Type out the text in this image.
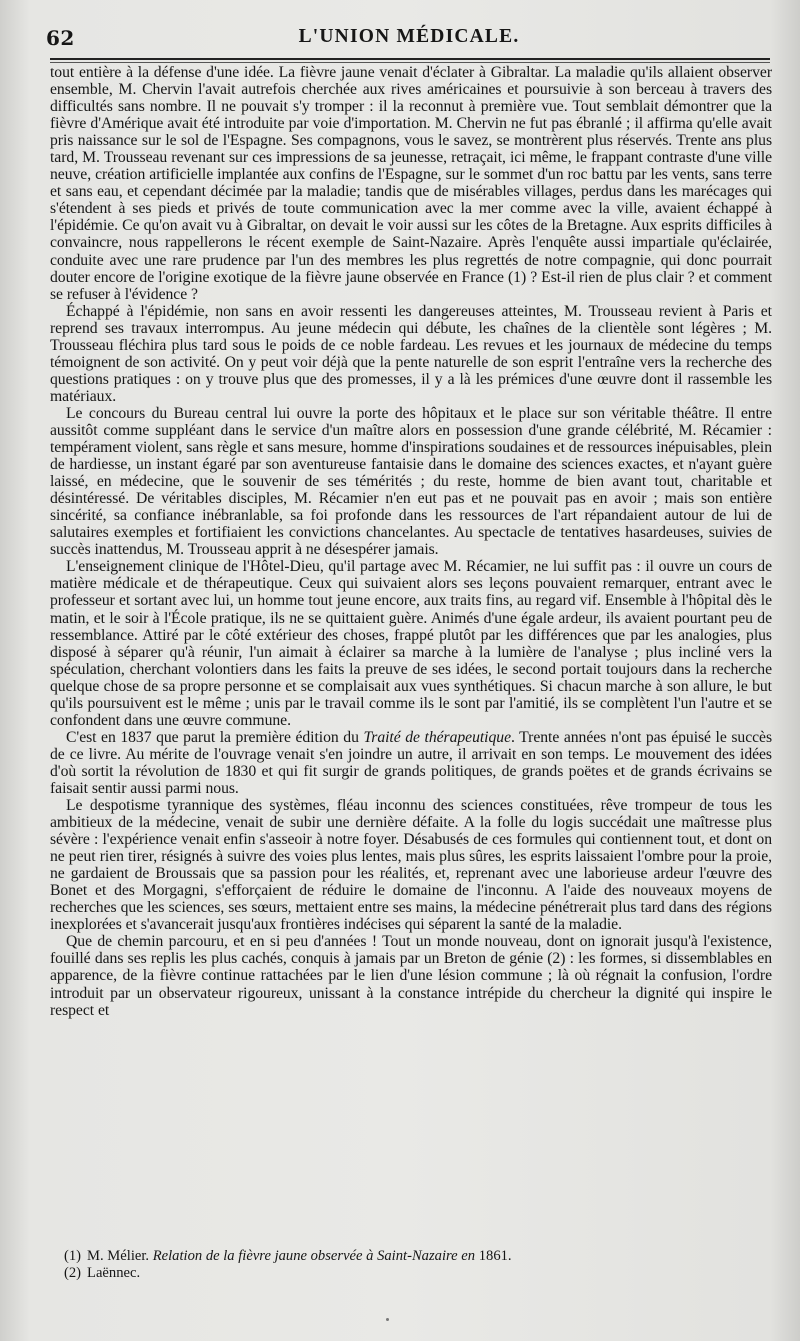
62	L'UNION MÉDICALE.

tout entière à la défense d'une idée. La fièvre jaune venait d'éclater à Gibraltar. La maladie qu'ils allaient observer ensemble, M. Chervin l'avait autrefois cherchée aux rives américaines et poursuivie à son berceau à travers des difficultés sans nombre. Il ne pouvait s'y tromper : il la reconnut à première vue. Tout semblait démontrer que la fièvre d'Amérique avait été introduite par voie d'importation. M. Chervin ne fut pas ébranlé ; il affirma qu'elle avait pris naissance sur le sol de l'Espagne. Ses compagnons, vous le savez, se montrèrent plus réservés. Trente ans plus tard, M. Trousseau revenant sur ces impressions de sa jeunesse, retraçait, ici même, le frappant contraste d'une ville neuve, création artificielle implantée aux confins de l'Espagne, sur le sommet d'un roc battu par les vents, sans terre et sans eau, et cependant décimée par la maladie; tandis que de misérables villages, perdus dans les marécages qui s'étendent à ses pieds et privés de toute communication avec la mer comme avec la ville, avaient échappé à l'épidémie. Ce qu'on avait vu à Gibraltar, on devait le voir aussi sur les côtes de la Bretagne. Aux esprits difficiles à convaincre, nous rappellerons le récent exemple de Saint-Nazaire. Après l'enquête aussi impartiale qu'éclairée, conduite avec une rare prudence par l'un des membres les plus regrettés de notre compagnie, qui donc pourrait douter encore de l'origine exotique de la fièvre jaune observée en France (1) ? Est-il rien de plus clair ? et comment se refuser à l'évidence ?

Échappé à l'épidémie, non sans en avoir ressenti les dangereuses atteintes, M. Trousseau revient à Paris et reprend ses travaux interrompus. Au jeune médecin qui débute, les chaînes de la clientèle sont légères ; M. Trousseau fléchira plus tard sous le poids de ce noble fardeau. Les revues et les journaux de médecine du temps témoignent de son activité. On y peut voir déjà que la pente naturelle de son esprit l'entraîne vers la recherche des questions pratiques : on y trouve plus que des promesses, il y a là les prémices d'une œuvre dont il rassemble les matériaux.

Le concours du Bureau central lui ouvre la porte des hôpitaux et le place sur son véritable théâtre. Il entre aussitôt comme suppléant dans le service d'un maître alors en possession d'une grande célébrité, M. Récamier : tempérament violent, sans règle et sans mesure, homme d'inspirations soudaines et de ressources inépuisables, plein de hardiesse, un instant égaré par son aventureuse fantaisie dans le domaine des sciences exactes, et n'ayant guère laissé, en médecine, que le souvenir de ses témérités ; du reste, homme de bien avant tout, charitable et désintéressé. De véritables disciples, M. Récamier n'en eut pas et ne pouvait pas en avoir ; mais son entière sincérité, sa confiance inébranlable, sa foi profonde dans les ressources de l'art répandaient autour de lui de salutaires exemples et fortifiaient les convictions chancelantes. Au spectacle de tentatives hasardeuses, suivies de succès inattendus, M. Trousseau apprit à ne désespérer jamais.

L'enseignement clinique de l'Hôtel-Dieu, qu'il partage avec M. Récamier, ne lui suffit pas : il ouvre un cours de matière médicale et de thérapeutique. Ceux qui suivaient alors ses leçons pouvaient remarquer, entrant avec le professeur et sortant avec lui, un homme tout jeune encore, aux traits fins, au regard vif. Ensemble à l'hôpital dès le matin, et le soir à l'École pratique, ils ne se quittaient guère. Animés d'une égale ardeur, ils avaient pourtant peu de ressemblance. Attiré par le côté extérieur des choses, frappé plutôt par les différences que par les analogies, plus disposé à séparer qu'à réunir, l'un aimait à éclairer sa marche à la lumière de l'analyse ; plus incliné vers la spéculation, cherchant volontiers dans les faits la preuve de ses idées, le second portait toujours dans la recherche quelque chose de sa propre personne et se complaisait aux vues synthétiques. Si chacun marche à son allure, le but qu'ils poursuivent est le même ; unis par le travail comme ils le sont par l'amitié, ils se complètent l'un l'autre et se confondent dans une œuvre commune.

C'est en 1837 que parut la première édition du Traité de thérapeutique. Trente années n'ont pas épuisé le succès de ce livre. Au mérite de l'ouvrage venait s'en joindre un autre, il arrivait en son temps. Le mouvement des idées d'où sortit la révolution de 1830 et qui fit surgir de grands politiques, de grands poëtes et de grands écrivains se faisait sentir aussi parmi nous.

Le despotisme tyrannique des systèmes, fléau inconnu des sciences constituées, rêve trompeur de tous les ambitieux de la médecine, venait de subir une dernière défaite. A la folle du logis succédait une maîtresse plus sévère : l'expérience venait enfin s'asseoir à notre foyer. Désabusés de ces formules qui contiennent tout, et dont on ne peut rien tirer, résignés à suivre des voies plus lentes, mais plus sûres, les esprits laissaient l'ombre pour la proie, ne gardaient de Broussais que sa passion pour les réalités, et, reprenant avec une laborieuse ardeur l'œuvre des Bonet et des Morgagni, s'efforçaient de réduire le domaine de l'inconnu. A l'aide des nouveaux moyens de recherches que les sciences, ses sœurs, mettaient entre ses mains, la médecine pénétrerait plus tard dans des régions inexplorées et s'avancerait jusqu'aux frontières indécises qui séparent la santé de la maladie.

Que de chemin parcouru, et en si peu d'années ! Tout un monde nouveau, dont on ignorait jusqu'à l'existence, fouillé dans ses replis les plus cachés, conquis à jamais par un Breton de génie (2) : les formes, si dissemblables en apparence, de la fièvre continue rattachées par le lien d'une lésion commune ; là où régnait la confusion, l'ordre introduit par un observateur rigoureux, unissant à la constance intrépide du chercheur la dignité qui inspire le respect et

(1) M. Mélier. Relation de la fièvre jaune observée à Saint-Nazaire en 1861.

(2) Laënnec.
